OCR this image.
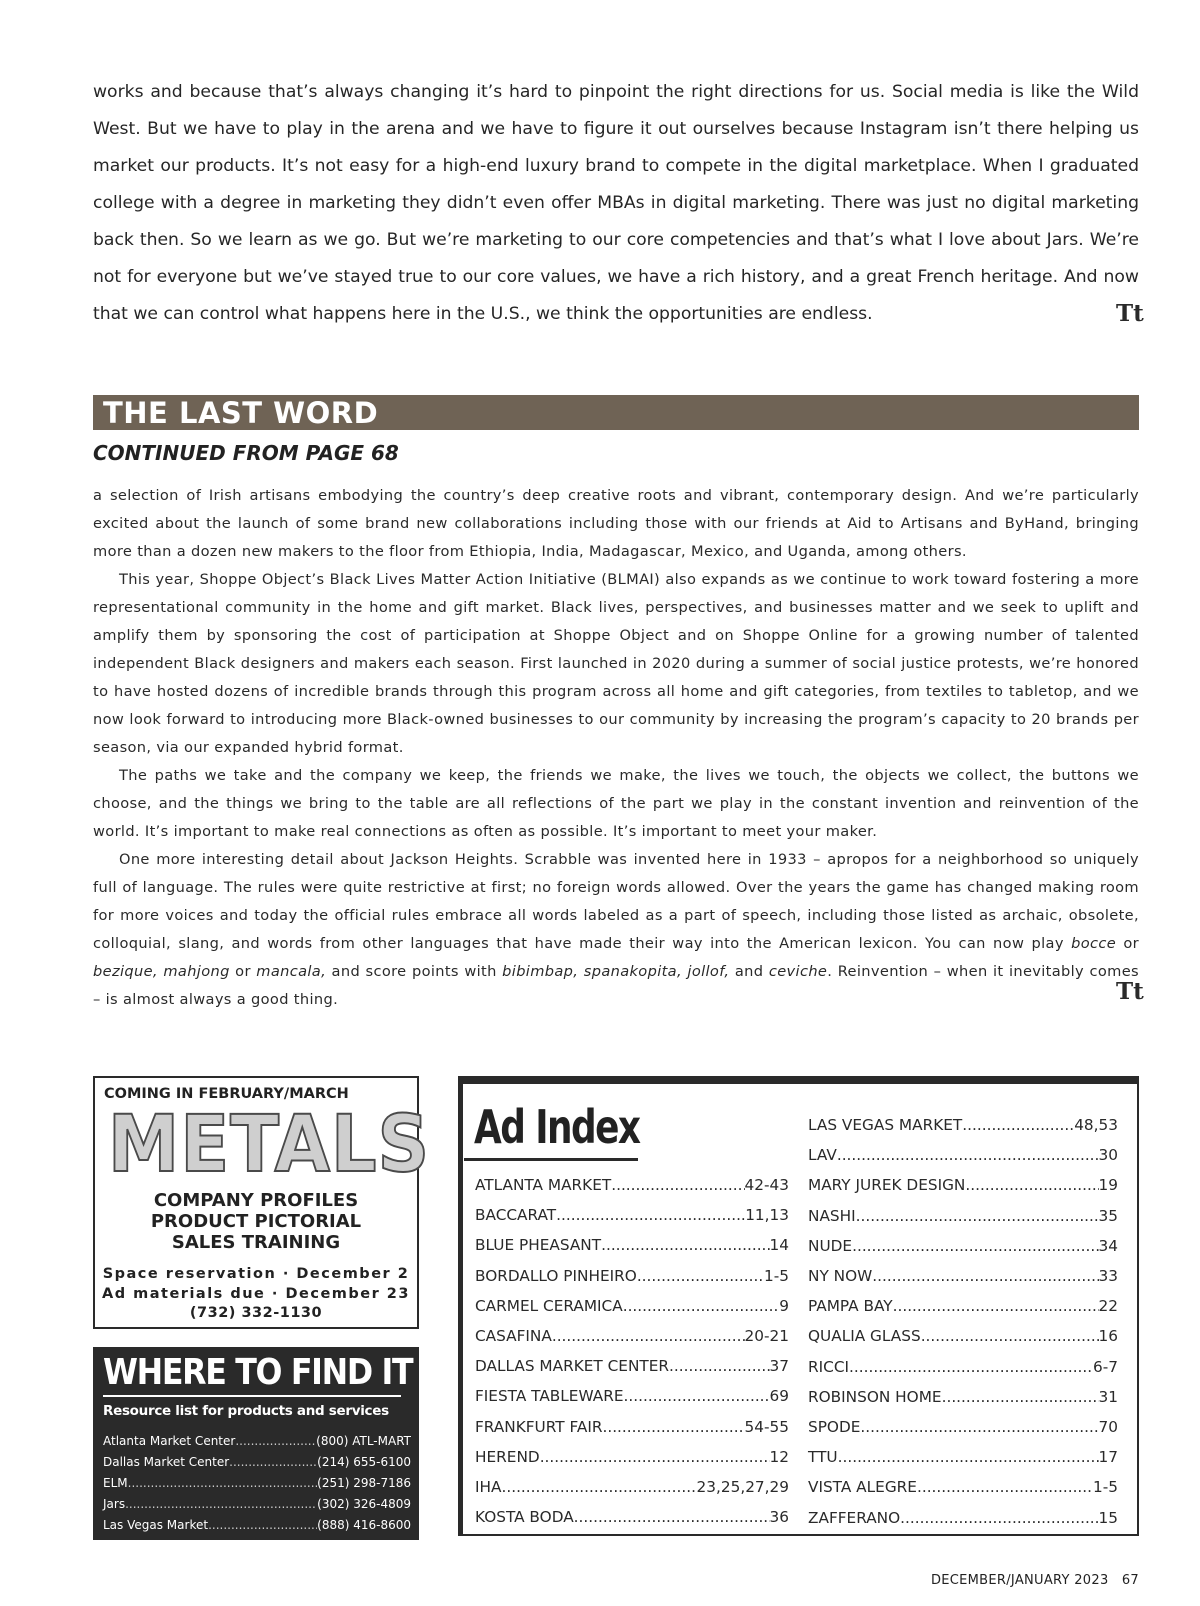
works and because that’s always changing it’s hard to pinpoint the right directions for us. Social media is like the Wild West. But we have to play in the arena and we have to figure it out ourselves because Instagram isn’t there helping us market our products. It’s not easy for a high-end luxury brand to compete in the digital marketplace. When I graduated college with a degree in marketing they didn’t even offer MBAs in digital marketing. There was just no digital marketing back then. So we learn as we go. But we’re marketing to our core competencies and that’s what I love about Jars. We’re not for everyone but we’ve stayed true to our core values, we have a rich history, and a great French heritage. And now that we can control what happens here in the U.S., we think the opportunities are endless.	Tt
THE LAST WORD
CONTINUED FROM PAGE 68

a selection of Irish artisans embodying the country’s deep creative roots and vibrant, contemporary design. And we’re particularly excited about the launch of some brand new collaborations including those with our friends at Aid to Artisans and ByHand, bringing more than a dozen new makers to the floor from Ethiopia, India, Madagascar, Mexico, and Uganda, among others.

This year, Shoppe Object’s Black Lives Matter Action Initiative (BLMAI) also expands as we continue to work toward fostering a more representational community in the home and gift market. Black lives, perspectives, and businesses matter and we seek to uplift and amplify them by sponsoring the cost of participation at Shoppe Object and on Shoppe Online for a growing number of talented independent Black designers and makers each season. First launched in 2020 during a summer of social justice protests, we’re honored to have hosted dozens of incredible brands through this program across all home and gift categories, from textiles to tabletop, and we now look forward to introducing more Black-owned businesses to our community by increasing the program’s capacity to 20 brands per season, via our expanded hybrid format.

The paths we take and the company we keep, the friends we make, the lives we touch, the objects we collect, the buttons we choose, and the things we bring to the table are all reflections of the part we play in the constant invention and reinvention of the world. It’s important to make real connections as often as possible. It’s important to meet your maker.

One more interesting detail about Jackson Heights. Scrabble was invented here in 1933 – apropos for a neighborhood so uniquely full of language. The rules were quite restrictive at first; no foreign words allowed. Over the years the game has changed making room for more voices and today the official rules embrace all words labeled as a part of speech, including those listed as archaic, obsolete, colloquial, slang, and words from other languages that have made their way into the American lexicon. You can now play bocce or bezique, mahjong or mancala, and score points with bibimbap, spanakopita, jollof, and ceviche. Reinvention – when it inevitably comes – is almost always a good thing.	Tt
COMING IN FEBRUARY/MARCH
METALS
COMPANY PROFILES
PRODUCT PICTORIAL
SALES TRAINING
Space reservation · December 2
Ad materials due · December 23
(732) 332-1130
WHERE TO FIND IT
Resource list for products and services
Atlanta Market Center .....	(800) ATL-MART
Dallas Market Center .....	(214) 655-6100
ELM .....	(251) 298-7186
Jars .....	(302) 326-4809
Las Vegas Market .....	(888) 416-8600
Ad Index
ATLANTA MARKET .....	42-43
BACCARAT .....	11,13
BLUE PHEASANT .....	14
BORDALLO PINHEIRO .....	1-5
CARMEL CERAMICA .....	9
CASAFINA .....	20-21
DALLAS MARKET CENTER .....	37
FIESTA TABLEWARE .....	69
FRANKFURT FAIR .....	54-55
HEREND .....	12
IHA .....	23,25,27,29
KOSTA BODA .....	36
LAS VEGAS MARKET .....	48,53
LAV .....	30
MARY JUREK DESIGN .....	19
NASHI .....	35
NUDE .....	34
NY NOW .....	33
PAMPA BAY .....	22
QUALIA GLASS .....	16
RICCI .....	6-7
ROBINSON HOME .....	31
SPODE .....	70
TTU .....	17
VISTA ALEGRE .....	1-5
ZAFFERANO .....	15
DECEMBER/JANUARY 2023 67
